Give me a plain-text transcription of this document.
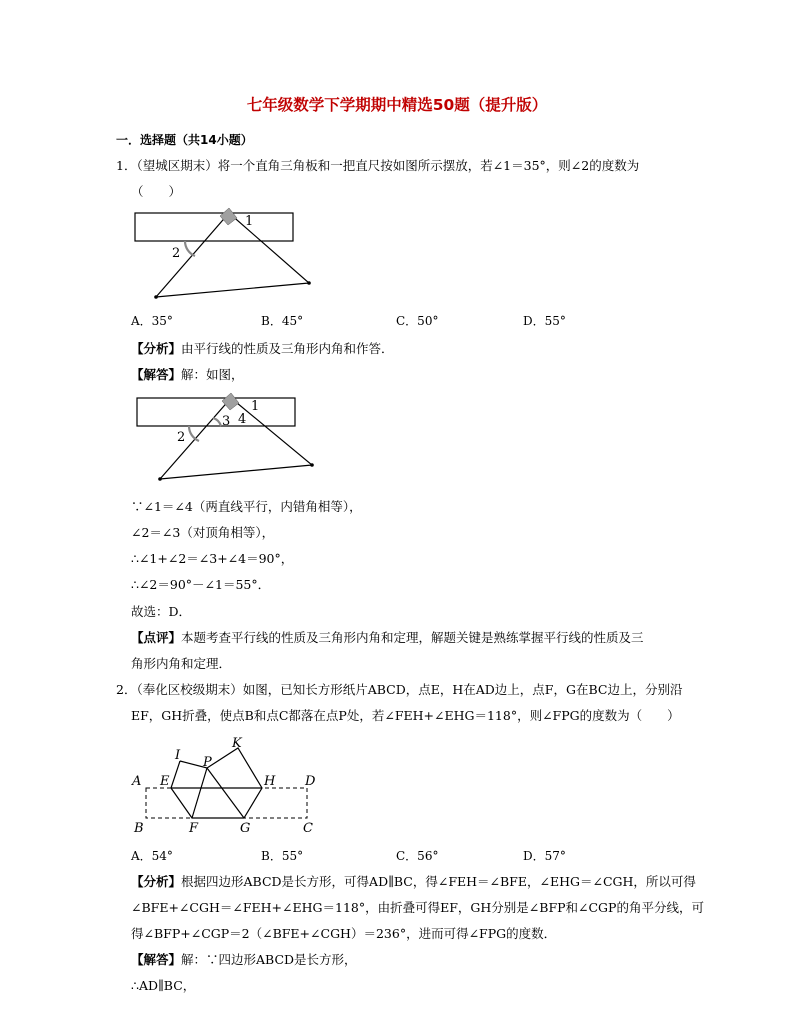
七年级数学下学期期中精选50题（提升版）
一．选择题（共14小题）
1．（望城区期末）将一个直角三角板和一把直尺按如图所示摆放，若∠1＝35°，则∠2的度数为
（　　）
1
2
A．35°	B．45°	C．50°	D．55°
【分析】由平行线的性质及三角形内角和作答．
【解答】解：如图，
1
2
3 4
∵∠1＝∠4（两直线平行，内错角相等），
∠2＝∠3（对顶角相等），
∴∠1+∠2＝∠3+∠4＝90°，
∴∠2＝90°－∠1＝55°．
故选：D．
【点评】本题考查平行线的性质及三角形内角和定理，解题关键是熟练掌握平行线的性质及三
角形内角和定理．
2．（奉化区校级期末）如图，已知长方形纸片ABCD，点E，H在AD边上，点F，G在BC边上，分别沿
EF，GH折叠，使点B和点C都落在点P处，若∠FEH+∠EHG＝118°，则∠FPG的度数为（　　）
A E
I P
K
H D
B	F	G	C
A．54°	B．55°	C．56°	D．57°
【分析】根据四边形ABCD是长方形，可得AD∥BC，得∠FEH＝∠BFE，∠EHG＝∠CGH，所以可得
∠BFE+∠CGH＝∠FEH+∠EHG＝118°，由折叠可得EF，GH分别是∠BFP和∠CGP的角平分线，可
得∠BFP+∠CGP＝2（∠BFE+∠CGH）＝236°，进而可得∠FPG的度数．
【解答】解：∵四边形ABCD是长方形，
∴AD∥BC，
